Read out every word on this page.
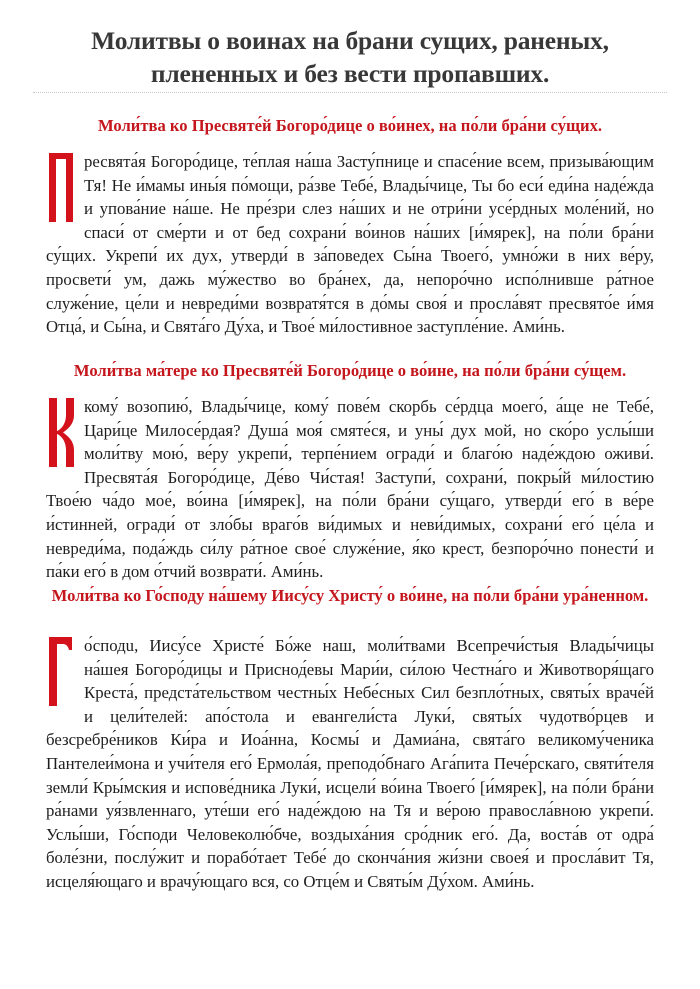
Молитвы о воинах на брани сущих, раненых, плененных и без вести пропавших.
Моли́тва ко Пресвяте́й Богоро́дице о во́инех, на по́ли бра́ни су́щих.
ресвята́я Богоро́дице, те́плая на́ша Засту́пнице и спасе́ние всем, призыва́ющим Тя! Не и́мамы ины́я по́мощи, ра́зве Тебе́, Влады́чице, Ты бо еси́ еди́на наде́жда и упова́ние на́ше. Не пре́зри слез на́ших и не отри́ни усе́рдных моле́ний, но спаси́ от сме́рти и от бед сохрани́ во́инов на́ших [и́мярек], на по́ли бра́ни су́щих. Укрепи́ их дух, утверди́ в за́поведех Сы́на Твоего́, умно́жи в них ве́ру, просвети́ ум, дажь му́жество во бра́нех, да, непоро́чно испо́лнивше ра́тное служе́ние, це́ли и невреди́ми возвратя́тся в до́мы своя́ и просла́вят пресвято́е и́мя Отца́, и Сы́на, и Свята́го Ду́ха, и Твое́ ми́лостивное заступле́ние. Ами́нь.
Моли́тва ма́тере ко Пресвяте́й Богоро́дице о во́ине, на по́ли бра́ни су́щем.
кому́ возопию́, Влады́чице, кому́ пове́м скорбь се́рдца моего́, а́ще не Тебе́, Цари́це Милосе́рдая? Душа́ моя́ смяте́ся, и уны́ дух мой, но ско́ро услы́ши моли́тву мою́, ве́ру укрепи́, терпе́нием огради́ и благо́ю наде́ждою оживи́. Пресвята́я Богоро́дице, Де́во Чи́стая! Заступи́, сохрани́, покры́й ми́лостию Твое́ю ча́до мое́, во́ина [и́мярек], на по́ли бра́ни су́щаго, утверди́ его́ в ве́ре и́стинней, огради́ от зло́бы враго́в ви́димых и неви́димых, сохрани́ его́ це́ла и невреди́ма, пода́ждь си́лу ра́тное свое́ служе́ние, я́ко крест, безпоро́чно понести́ и па́ки его́ в дом о́тчий возврати́. Ами́нь.
Моли́тва ко Го́споду на́шему Иису́су Христу́ о во́ине, на по́ли бра́ни ура́ненном.
о́сподu, Иису́се Христе́ Бо́же наш, моли́твами Всепречи́стыя Влады́чицы на́шея Богоро́дицы и Приснод́евы Мари́и, си́лою Честна́го и Животворя́щаго Креста́, предста́тельством честны́х Небе́сных Сил безпло́тных, святы́х враче́й и цели́телей: апо́стола и евангели́ста Луки́, святы́х чудотво́рцев и безсребре́ников Ки́ра и Иоа́нна, Космы́ и Дамиа́на, свята́го великому́ченика Пантелеи́мона и учи́теля его́ Ермола́я, преподо́бнаго Ага́пита Пече́рскаго, святи́теля земли́ Кры́мския и испове́дника Луки́, исцели́ во́ина Твоего́ [и́мярек], на по́ли бра́ни ра́нами уя́звленнаго, уте́ши его́ наде́ждою на Тя и ве́рою правосла́вною укрепи́. Услы́ши, Го́споди Человеколю́бче, воздыха́ния сро́дник его́. Да, воста́в от одра́ боле́зни, послу́жит и порабо́тает Тебе́ до сконча́ния жи́зни своея́ и просла́вит Тя, исцеля́ющаго и врачу́ющаго вся, со Отце́м и Святы́м Ду́хом. Ами́нь.
